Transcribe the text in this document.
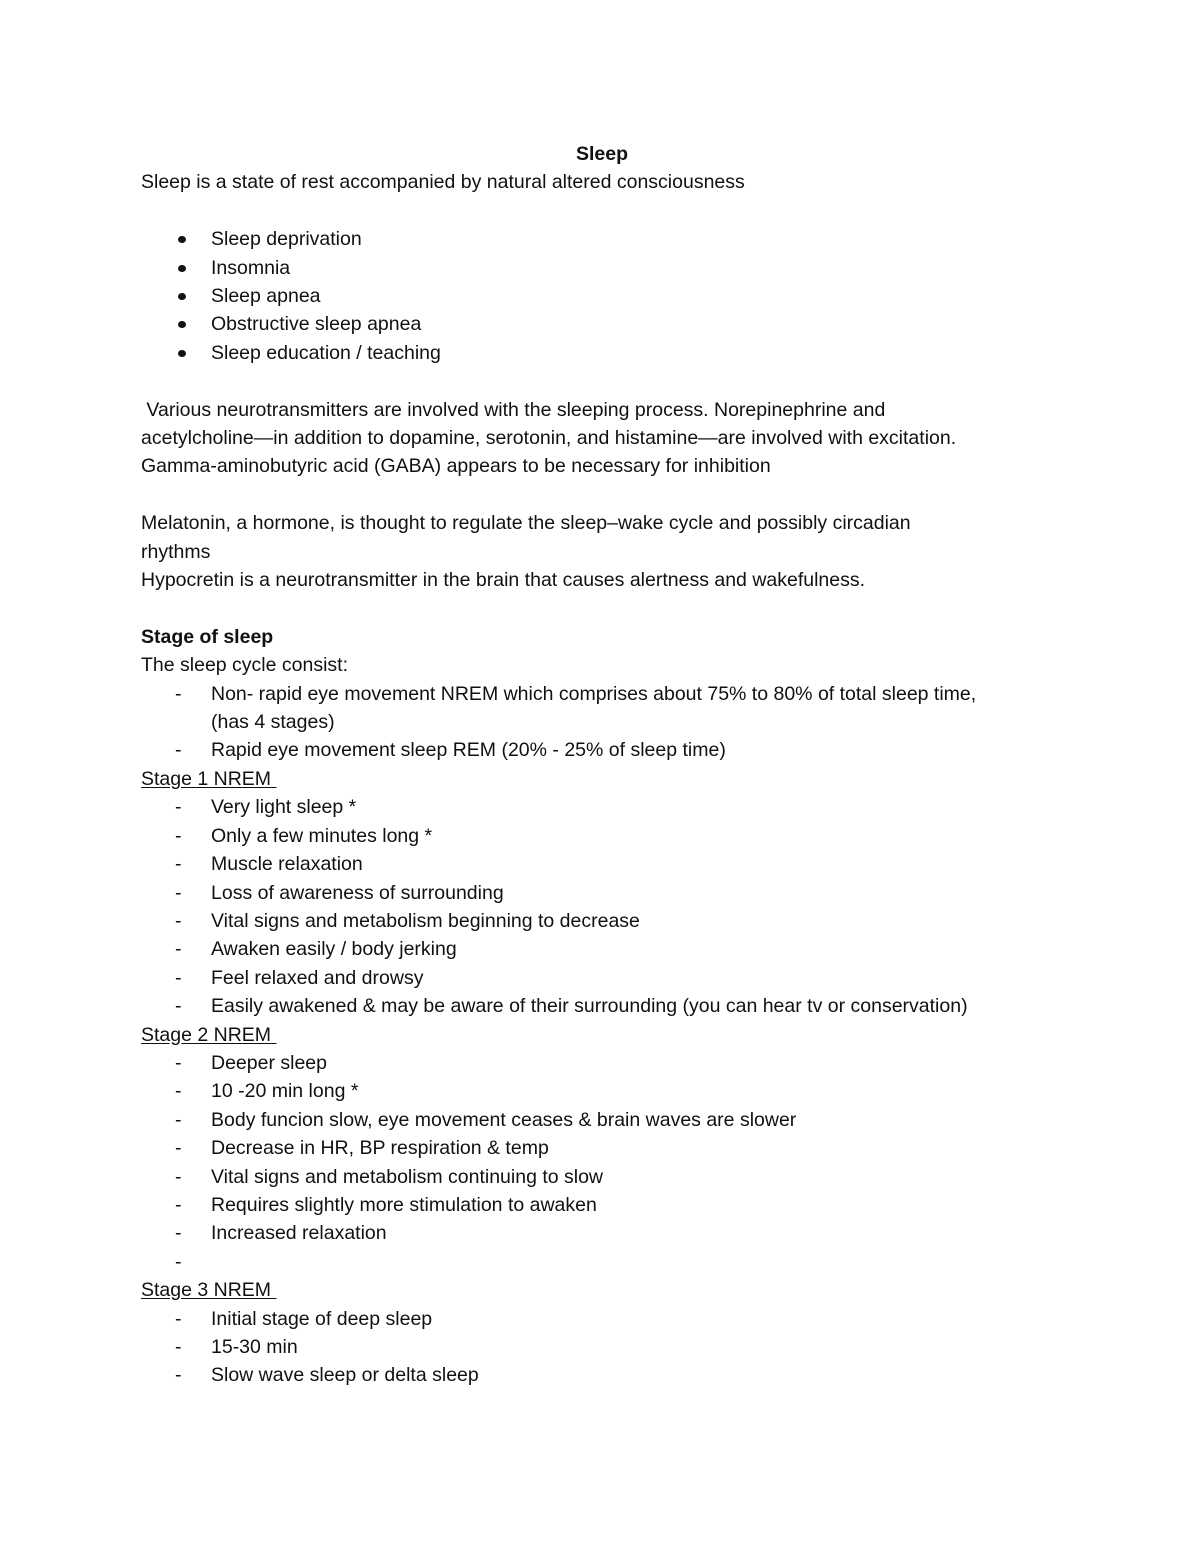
Sleep

Sleep is a state of rest accompanied by natural altered consciousness

Sleep deprivation
Insomnia
Sleep apnea
Obstructive sleep apnea
Sleep education / teaching

Various neurotransmitters are involved with the sleeping process. Norepinephrine and

acetylcholine—in addition to dopamine, serotonin, and histamine—are involved with excitation.

Gamma-aminobutyric acid (GABA) appears to be necessary for inhibition

Melatonin, a hormone, is thought to regulate the sleep–wake cycle and possibly circadian

rhythms

Hypocretin is a neurotransmitter in the brain that causes alertness and wakefulness.

Stage of sleep

The sleep cycle consist:

-
Non- rapid eye movement NREM which comprises about 75% to 80% of total sleep time,
(has 4 stages)
-
Rapid eye movement sleep REM (20% - 25% of sleep time)

Stage 1 NREM

-
Very light sleep *
-
Only a few minutes long *
-
Muscle relaxation
-
Loss of awareness of surrounding
-
Vital signs and metabolism beginning to decrease
-
Awaken easily / body jerking
-
Feel relaxed and drowsy
-
Easily awakened & may be aware of their surrounding (you can hear tv or conservation)

Stage 2 NREM

-
Deeper sleep
-
10 -20 min long *
-
Body funcion slow, eye movement ceases & brain waves are slower
-
Decrease in HR, BP respiration & temp
-
Vital signs and metabolism continuing to slow
-
Requires slightly more stimulation to awaken
-
Increased relaxation
-

Stage 3 NREM

-
Initial stage of deep sleep
-
15-30 min
-
Slow wave sleep or delta sleep
